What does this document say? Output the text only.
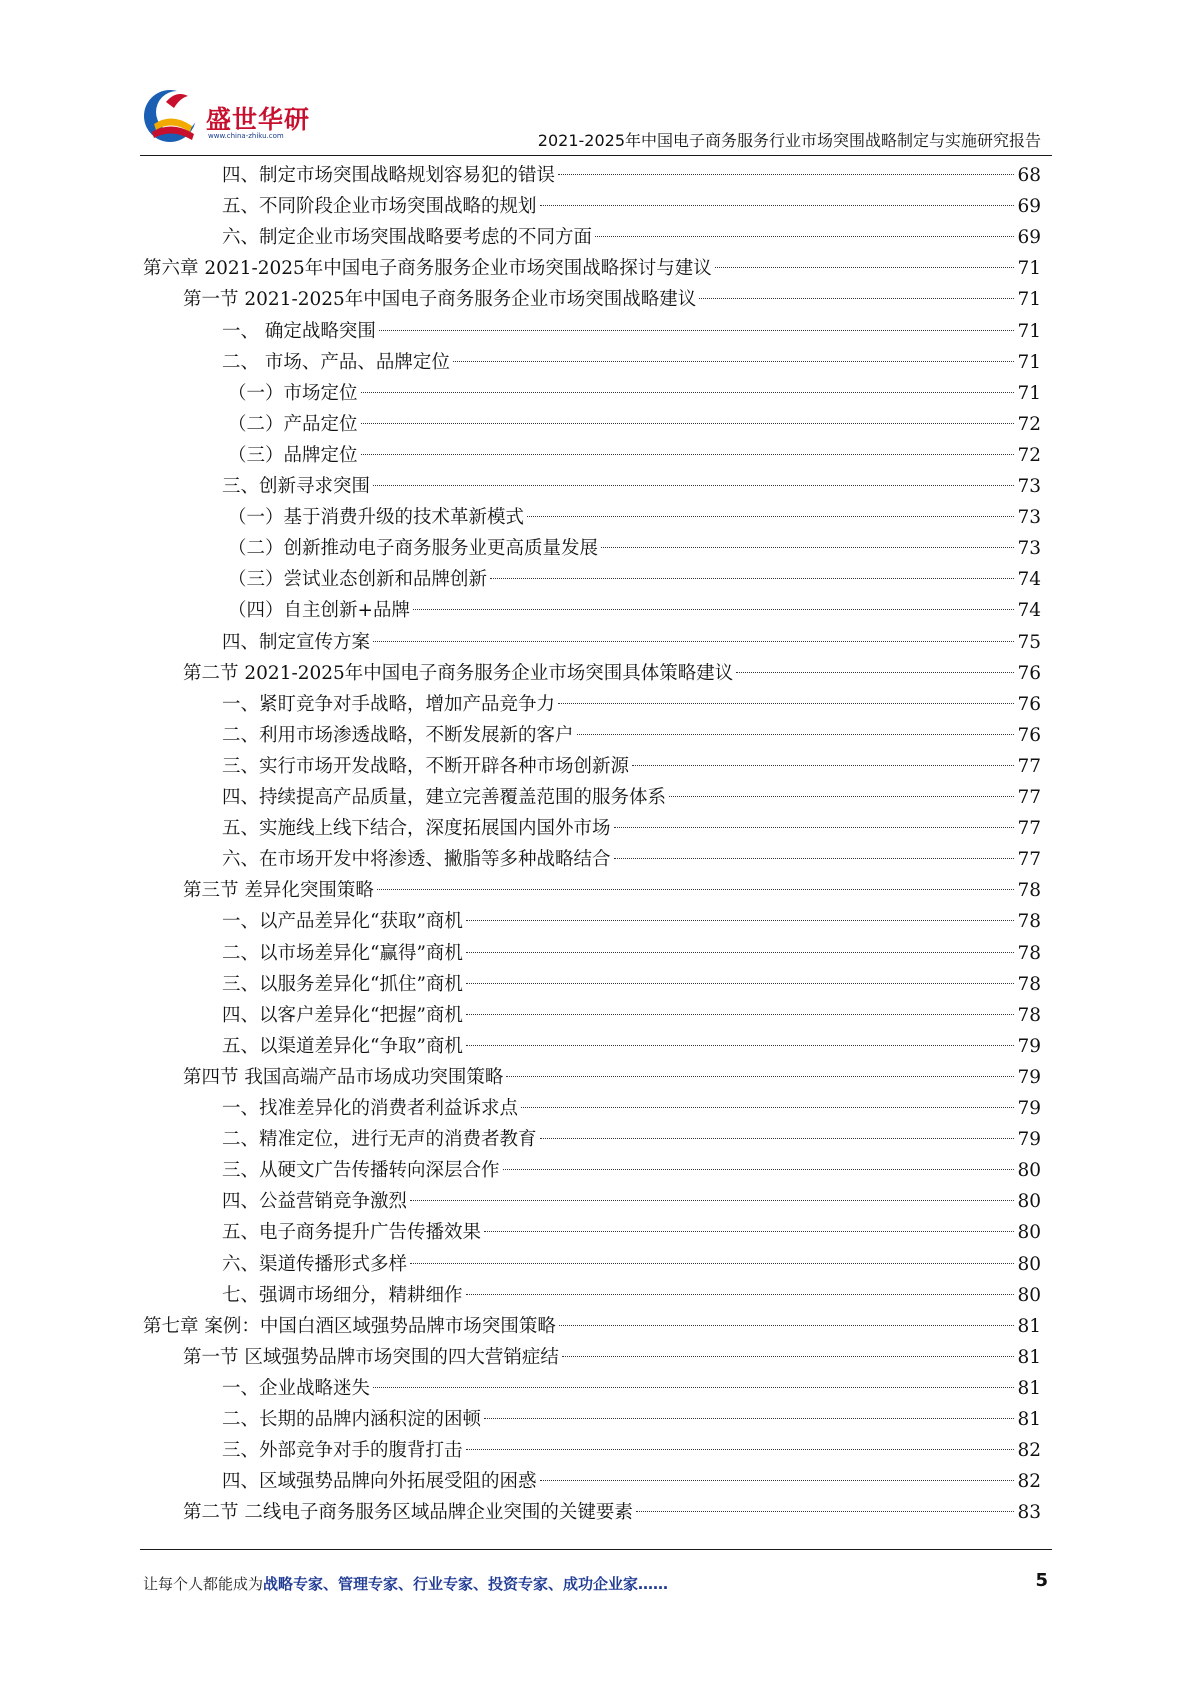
盛世华研
www.china-zhiku.com	2021-2025年中国电子商务服务行业市场突围战略制定与实施研究报告
四、制定市场突围战略规划容易犯的错误	68
五、不同阶段企业市场突围战略的规划	69
六、制定企业市场突围战略要考虑的不同方面	69
第六章 2021-2025年中国电子商务服务企业市场突围战略探讨与建议	71
第一节 2021-2025年中国电子商务服务企业市场突围战略建议	71
一、 确定战略突围	71
二、 市场、产品、品牌定位	71
（一）市场定位	71
（二）产品定位	72
（三）品牌定位	72
三、创新寻求突围	73
（一）基于消费升级的技术革新模式	73
（二）创新推动电子商务服务业更高质量发展	73
（三）尝试业态创新和品牌创新	74
（四）自主创新+品牌	74
四、制定宣传方案	75
第二节 2021-2025年中国电子商务服务企业市场突围具体策略建议	76
一、紧盯竞争对手战略，增加产品竞争力	76
二、利用市场渗透战略，不断发展新的客户	76
三、实行市场开发战略，不断开辟各种市场创新源	77
四、持续提高产品质量，建立完善覆盖范围的服务体系	77
五、实施线上线下结合，深度拓展国内国外市场	77
六、在市场开发中将渗透、撇脂等多种战略结合	77
第三节 差异化突围策略	78
一、以产品差异化“获取”商机	78
二、以市场差异化“赢得”商机	78
三、以服务差异化“抓住”商机	78
四、以客户差异化“把握”商机	78
五、以渠道差异化“争取”商机	79
第四节 我国高端产品市场成功突围策略	79
一、找准差异化的消费者利益诉求点	79
二、精准定位，进行无声的消费者教育	79
三、从硬文广告传播转向深层合作	80
四、公益营销竞争激烈	80
五、电子商务提升广告传播效果	80
六、渠道传播形式多样	80
七、强调市场细分，精耕细作	80
第七章 案例：中国白酒区域强势品牌市场突围策略	81
第一节 区域强势品牌市场突围的四大营销症结	81
一、企业战略迷失	81
二、长期的品牌内涵积淀的困顿	81
三、外部竞争对手的腹背打击	82
四、区域强势品牌向外拓展受阻的困惑	82
第二节 二线电子商务服务区域品牌企业突围的关键要素	83
让每个人都能成为战略专家、管理专家、行业专家、投资专家、成功企业家……	5
